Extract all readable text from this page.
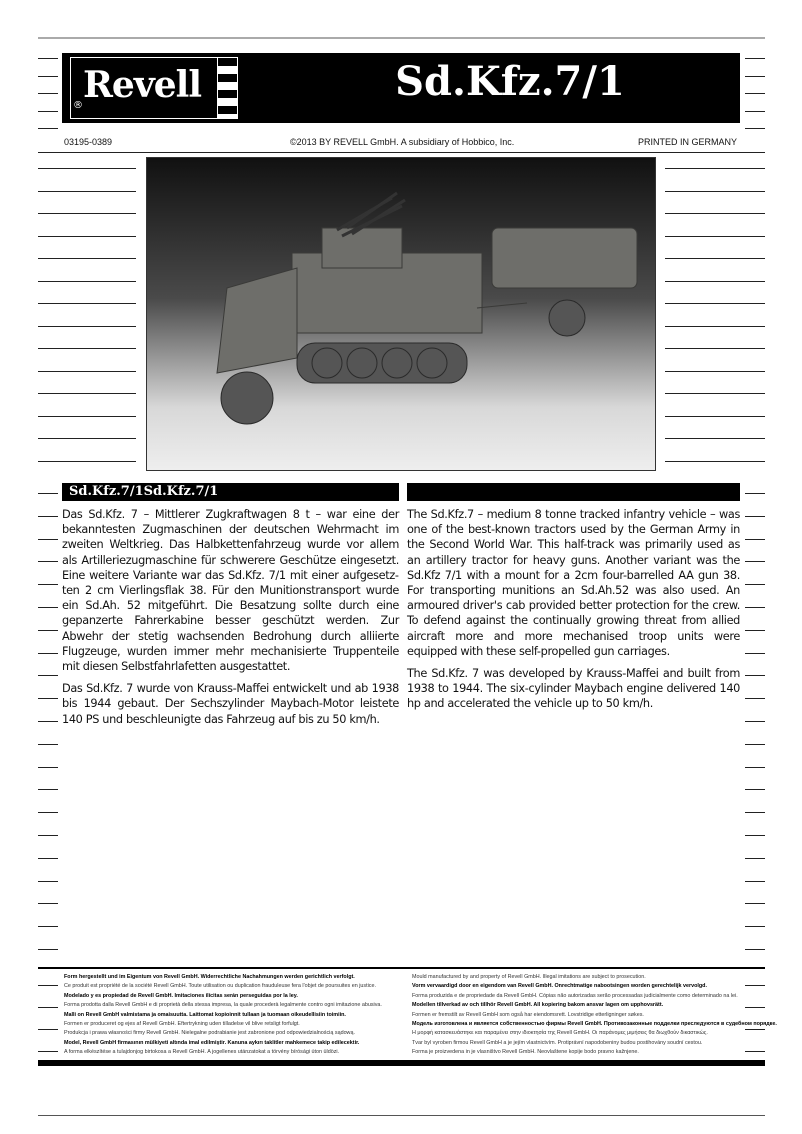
Revell
®
Sd.Kfz.7/1
03195-0389	©2013 BY REVELL GmbH. A subsidiary of Hobbico, Inc.	PRINTED IN GERMANY
Sd.Kfz.7/1Sd.Kfz.7/1

Das Sd.Kfz. 7 – Mittlerer Zugkraftwagen 8 t – war eine der bekanntesten Zugmaschinen der deutschen Wehrmacht im zweiten Weltkrieg. Das Halbkettenfahrzeug wurde vor allem als Artilleriezugmaschine für schwerere Geschütze eingesetzt. Eine weitere Variante war das Sd.Kfz. 7/1 mit einer aufgesetzten 2 cm Vierlingsflak 38. Für den Munitionstransport wurde ein Sd.Ah. 52 mitgeführt. Die Besatzung sollte durch eine gepanzerte Fahrerkabine besser geschützt werden. Zur Abwehr der stetig wachsenden Bedrohung durch alliierte Flugzeuge, wurden immer mehr mechanisierte Truppenteile mit diesen Selbstfahrlafetten ausgestattet.

Das Sd.Kfz. 7 wurde von Krauss-Maffei entwickelt und ab 1938 bis 1944 gebaut. Der Sechszylinder Maybach-Motor leistete 140 PS und beschleunigte das Fahrzeug auf bis zu 50 km/h.

The Sd.Kfz.7 – medium 8 tonne tracked infantry vehicle – was one of the best-known tractors used by the German Army in the Second World War. This half-track was primarily used as an artillery tractor for heavy guns. Another variant was the Sd.Kfz 7/1 with a mount for a 2cm four-barrelled AA gun 38. For transporting munitions an Sd.Ah.52 was also used. An armoured driver's cab provided better protection for the crew. To defend against the continually growing threat from allied aircraft more and more mechanised troop units were equipped with these self-propelled gun carriages.

The Sd.Kfz. 7 was developed by Krauss-Maffei and built from 1938 to 1944. The six-cylinder Maybach engine delivered 140 hp and accelerated the vehicle up to 50 km/h.

Form hergestellt und im Eigentum von Revell GmbH. Widerrechtliche Nachahmungen werden gerichtlich verfolgt.
Ce produit est propriété de la société Revell GmbH. Toute utilisation ou duplication frauduleuse fera l'objet de poursuites en justice.
Modelado y es propiedad de Revell GmbH. Imitaciones ilícitas serán perseguidas por la ley.
Forma prodotta dalla Revell GmbH e di proprietà della stessa impresa, la quale procederà legalmente contro ogni imitazione abusiva.
Malli on Revell GmbH valmistama ja omaisuutta. Laittomat kopioinnit tullaan ja tuomaan oikeudellisiin toimiin.
Formen er produceret og ejes af Revell GmbH. Eftertrykning uden tilladelse vil blive retsligt forfulgt.
Produkcja i prawa własności firmy Revell GmbH. Nielegalne podrabianie jest zabronione pod odpowiedzialnością sądową.
Model, Revell GmbH firmasının mülkiyeti altında imal edilmiştir. Kanuna aykırı taklitler mahkemece takip edilecektir.
A forma elkészítése a tulajdonjog birtokosa a Revell GmbH. A jogellenes utánzatokat a törvény bírósági úton üldözi.
Mould manufactured by and property of Revell GmbH. Illegal imitations are subject to prosecution.
Vorm vervaardigd door en eigendom van Revell GmbH. Onrechtmatige nabootsingen worden gerechtelijk vervolgd.
Forma produzida e de propriedade da Revell GmbH. Cópias não autorizadas serão processadas judicialmente como determinado na lei.
Modellen tillverkad av och tillhör Revell GmbH. All kopiering bakom ansvar lagen om upphovsrätt.
Formen er fremstilt av Revell GmbH som også har eiendomsrett. Lovstridige etterligninger søkes.
Модель изготовлена и является собственностью фирмы Revell GmbH. Противозаконные подделки преследуются в судебном порядке.
Η μορφή κατασκευάστηκε και παραμένει στην ιδιοκτησία της Revell GmbH. Οι παράνομες μιμήσεις θα διωχθούν δικαστικώς.
Tvar byl vyroben firmou Revell GmbH a je jejím vlastnictvím. Protiprávní napodobeniny budou postihovány soudní cestou.
Forma je proizvedena in je vlasništvo Revell GmbH. Neovlaštene kopije bodo pravno kažnjene.
